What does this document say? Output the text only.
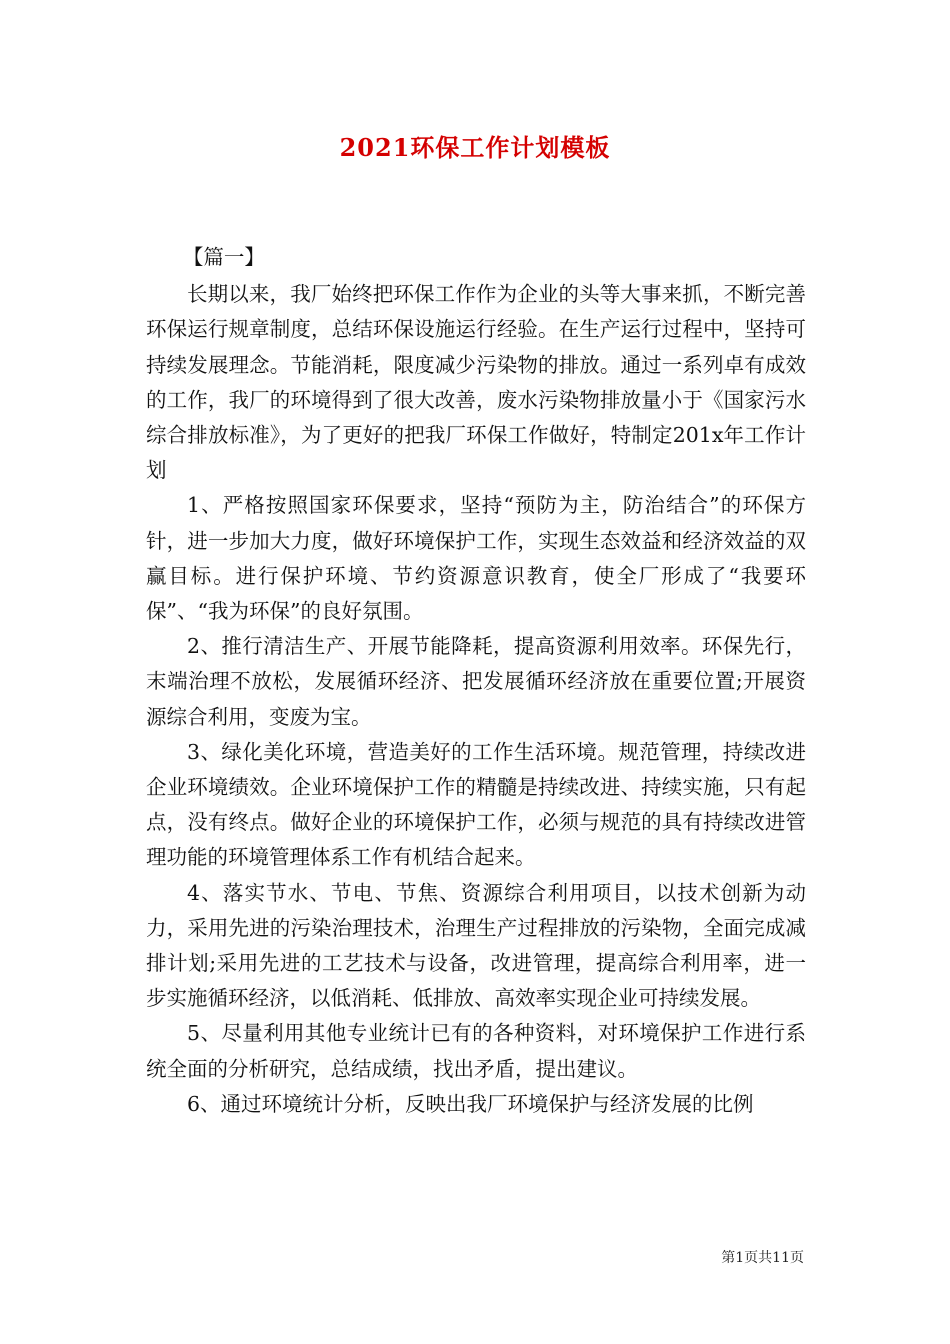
2021环保工作计划模板

【篇一】

长期以来，我厂始终把环保工作作为企业的头等大事来抓，不断完善环保运行规章制度，总结环保设施运行经验。在生产运行过程中，坚持可持续发展理念。节能消耗，限度减少污染物的排放。通过一系列卓有成效的工作，我厂的环境得到了很大改善，废水污染物排放量小于《国家污水综合排放标准》，为了更好的把我厂环保工作做好，特制定201x年工作计划

1、严格按照国家环保要求，坚持“预防为主，防治结合”的环保方针，进一步加大力度，做好环境保护工作，实现生态效益和经济效益的双赢目标。进行保护环境、节约资源意识教育，使全厂形成了“我要环保”、“我为环保”的良好氛围。

2、推行清洁生产、开展节能降耗，提高资源利用效率。环保先行，末端治理不放松，发展循环经济、把发展循环经济放在重要位置;开展资源综合利用，变废为宝。

3、绿化美化环境，营造美好的工作生活环境。规范管理，持续改进企业环境绩效。企业环境保护工作的精髓是持续改进、持续实施，只有起点，没有终点。做好企业的环境保护工作，必须与规范的具有持续改进管理功能的环境管理体系工作有机结合起来。

4、落实节水、节电、节焦、资源综合利用项目，以技术创新为动力，采用先进的污染治理技术，治理生产过程排放的污染物，全面完成减排计划;采用先进的工艺技术与设备，改进管理，提高综合利用率，进一步实施循环经济，以低消耗、低排放、高效率实现企业可持续发展。

5、尽量利用其他专业统计已有的各种资料，对环境保护工作进行系统全面的分析研究，总结成绩，找出矛盾，提出建议。

6、通过环境统计分析，反映出我厂环境保护与经济发展的比例

第1页共11页
